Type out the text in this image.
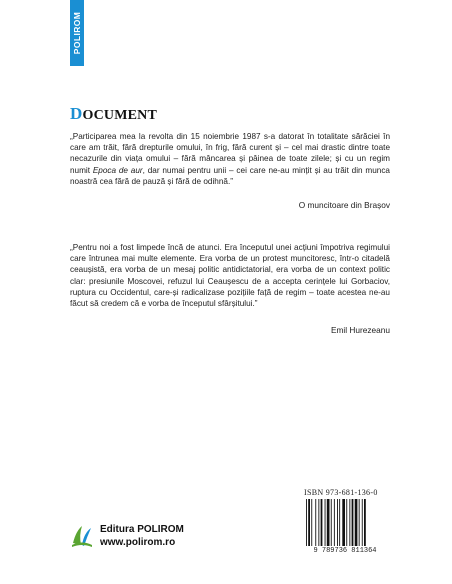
POLIROM
DOCUMENT

„Participarea mea la revolta din 15 noiembrie 1987 s-a datorat în totalitate sărăciei în care am trăit, fără drepturile omului, în frig, fără curent și – cel mai drastic dintre toate necazurile din viața omului – fără mâncarea și pâinea de toate zilele; și cu un regim numit Epoca de aur, dar numai pentru unii – cei care ne-au mințit și au trăit din munca noastră cea fără de pauză și fără de odihnă.”

O muncitoare din Brașov

„Pentru noi a fost limpede încă de atunci. Era începutul unei acțiuni împotriva regimului care întrunea mai multe elemente. Era vorba de un protest muncitoresc, într-o citadelă ceaușistă, era vorba de un mesaj politic antidictatorial, era vorba de un context politic clar: presiunile Moscovei, refuzul lui Ceaușescu de a accepta cerințele lui Gorbaciov, ruptura cu Occidentul, care-și radicalizase pozițiile față de regim – toate acestea ne-au făcut să credem că e vorba de începutul sfârșitului.”

Emil Hurezeanu

ISBN 973-681-136-0
9 789736 811364
Editura POLIROM
www.polirom.ro
